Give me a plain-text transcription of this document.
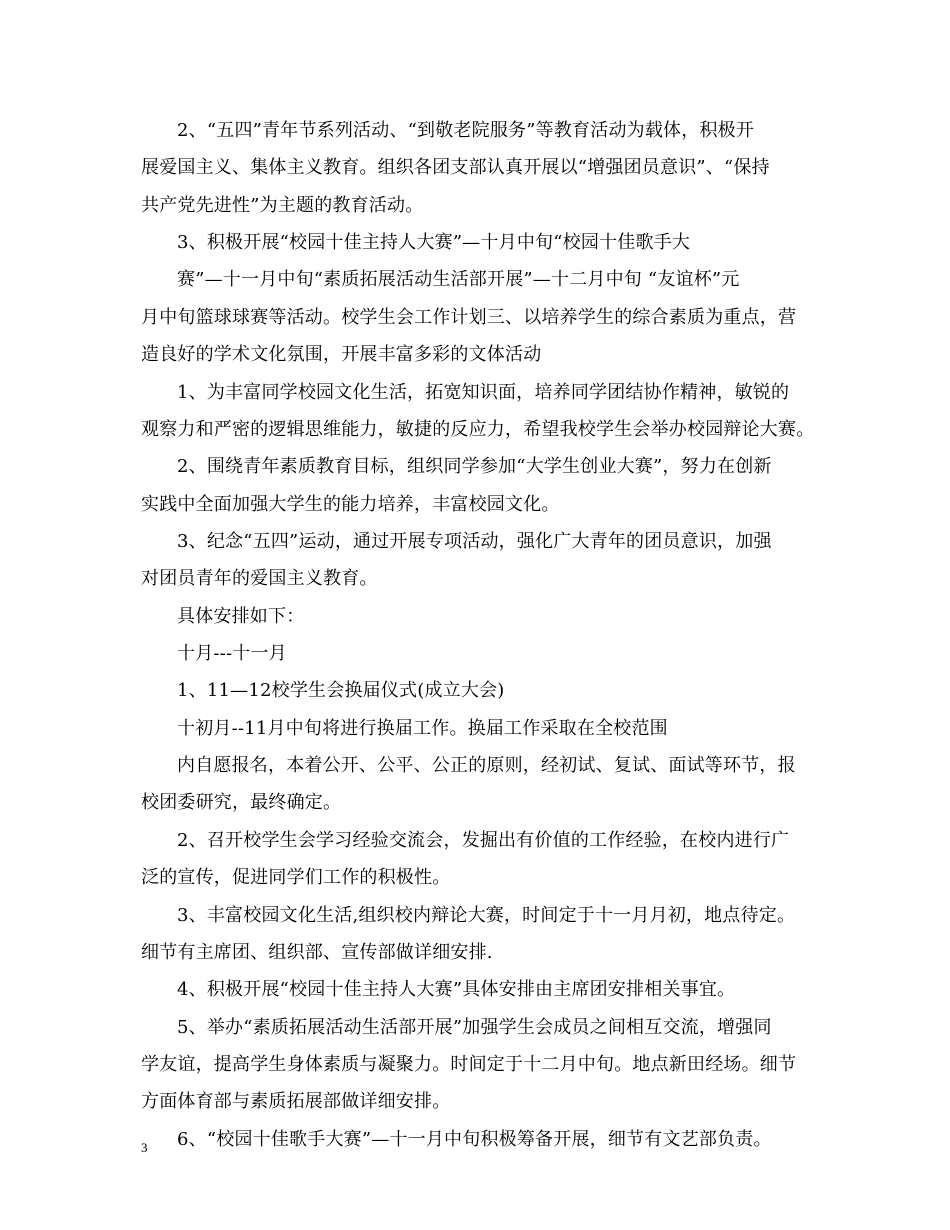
2、“五四”青年节系列活动、“到敬老院服务”等教育活动为载体，积极开
展爱国主义、集体主义教育。组织各团支部认真开展以“增强团员意识”、“保持
共产党先进性”为主题的教育活动。
3、积极开展“校园十佳主持人大赛”—十月中旬“校园十佳歌手大
赛”—十一月中旬“素质拓展活动生活部开展”—十二月中旬 “友谊杯”元
月中旬篮球球赛等活动。校学生会工作计划三、以培养学生的综合素质为重点，营
造良好的学术文化氛围，开展丰富多彩的文体活动
1、为丰富同学校园文化生活，拓宽知识面，培养同学团结协作精神，敏锐的
观察力和严密的逻辑思维能力，敏捷的反应力，希望我校学生会举办校园辩论大赛。
2、围绕青年素质教育目标，组织同学参加“大学生创业大赛”，努力在创新
实践中全面加强大学生的能力培养，丰富校园文化。
3、纪念“五四”运动，通过开展专项活动，强化广大青年的团员意识，加强
对团员青年的爱国主义教育。
具体安排如下：
十月---十一月
1、11—12校学生会换届仪式(成立大会)
十初月--11月中旬将进行换届工作。换届工作采取在全校范围
内自愿报名，本着公开、公平、公正的原则，经初试、复试、面试等环节，报
校团委研究，最终确定。
2、召开校学生会学习经验交流会，发掘出有价值的工作经验，在校内进行广
泛的宣传，促进同学们工作的积极性。
3、丰富校园文化生活,组织校内辩论大赛，时间定于十一月月初，地点待定。
细节有主席团、组织部、宣传部做详细安排.
4、积极开展“校园十佳主持人大赛”具体安排由主席团安排相关事宜。
5、举办“素质拓展活动生活部开展”加强学生会成员之间相互交流，增强同
学友谊，提高学生身体素质与凝聚力。时间定于十二月中旬。地点新田经场。细节
方面体育部与素质拓展部做详细安排。
6、“校园十佳歌手大赛”—十一月中旬积极筹备开展，细节有文艺部负责。
3
